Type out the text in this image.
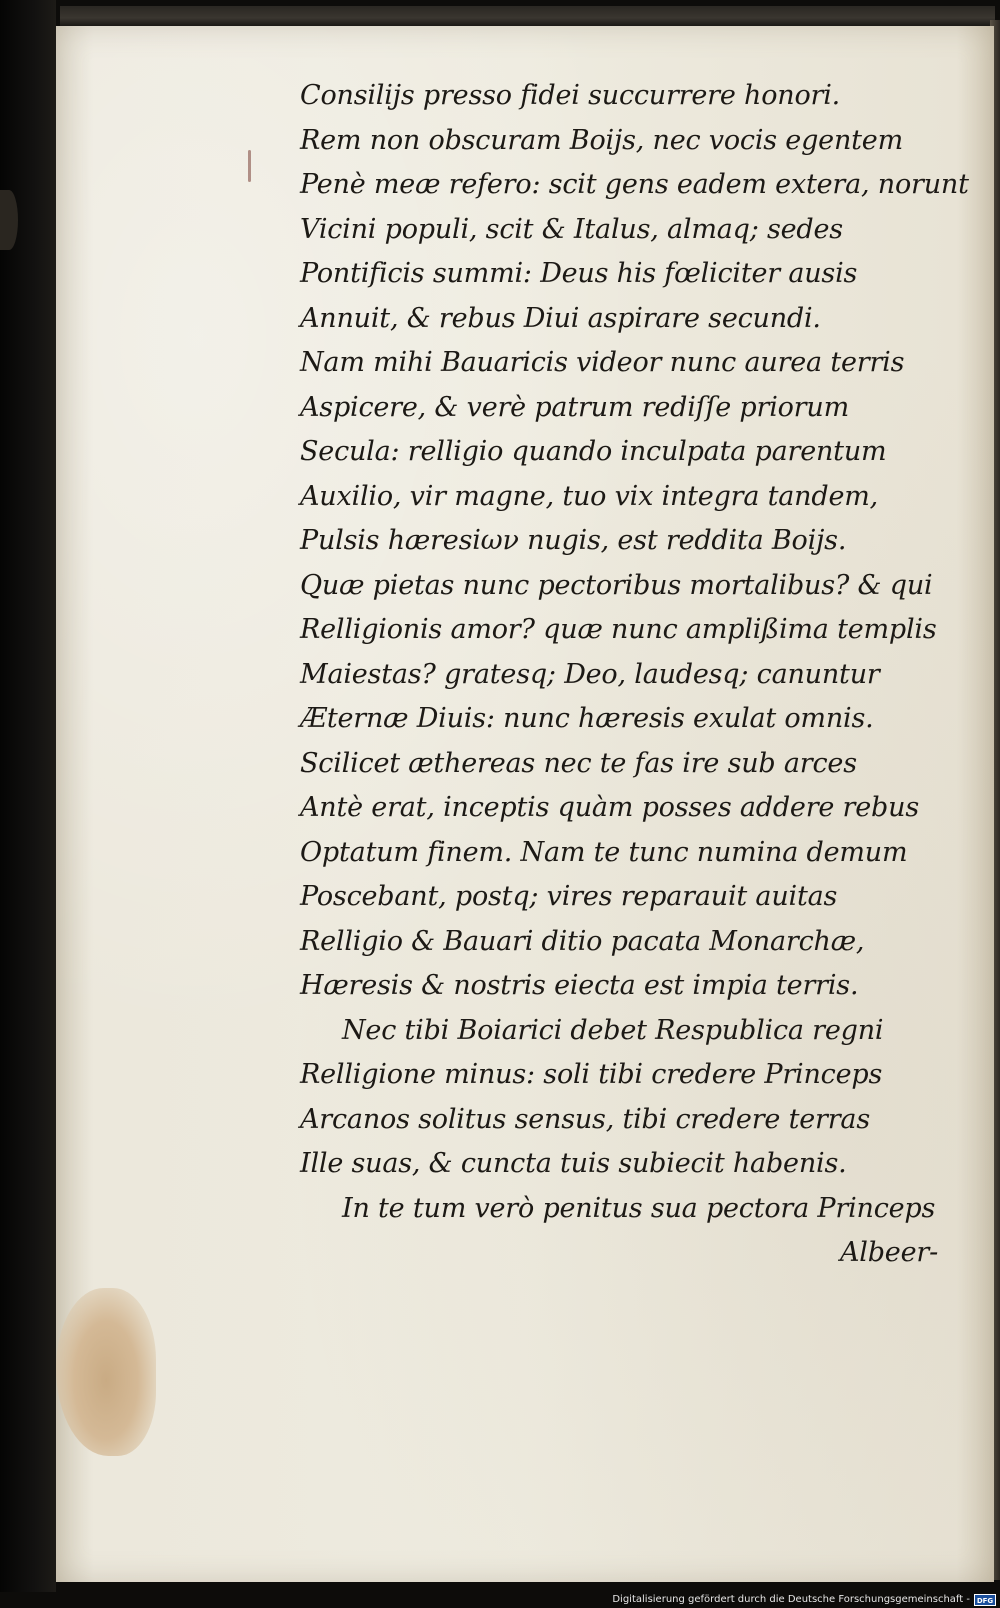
Consilijs presso fidei succurrere honori.
Rem non obscuram Boijs, nec vocis egentem
Penè meæ refero: scit gens eadem extera, norunt
Vicini populi, scit & Italus, almaq; sedes
Pontificis summi: Deus his fœliciter ausis
Annuit, & rebus Diui aspirare secundi.
Nam mihi Bauaricis videor nunc aurea terris
Aspicere, & verè patrum rediſſe priorum
Secula: relligio quando inculpata parentum
Auxilio, vir magne, tuo vix integra tandem,
Pulsis hæresiων nugis, est reddita Boijs.
Quæ pietas nunc pectoribus mortalibus? & qui
Relligionis amor? quæ nunc amplißima templis
Maiestas? gratesq; Deo, laudesq; canuntur
Æternæ Diuis: nunc hæresis exulat omnis.
Scilicet æthereas nec te fas ire sub arces
Antè erat, inceptis quàm posses addere rebus
Optatum finem. Nam te tunc numina demum
Poscebant, postq; vires reparauit auitas
Relligio & Bauari ditio pacata Monarchæ,
Hæresis & nostris eiecta est impia terris.
Nec tibi Boiarici debet Respublica regni
Relligione minus: soli tibi credere Princeps
Arcanos solitus sensus, tibi credere terras
Ille suas, & cuncta tuis subiecit habenis.
In te tum verò penitus sua pectora Princeps
Albeer-
Digitalisierung gefördert durch die Deutsche Forschungsgemeinschaft - DFG
